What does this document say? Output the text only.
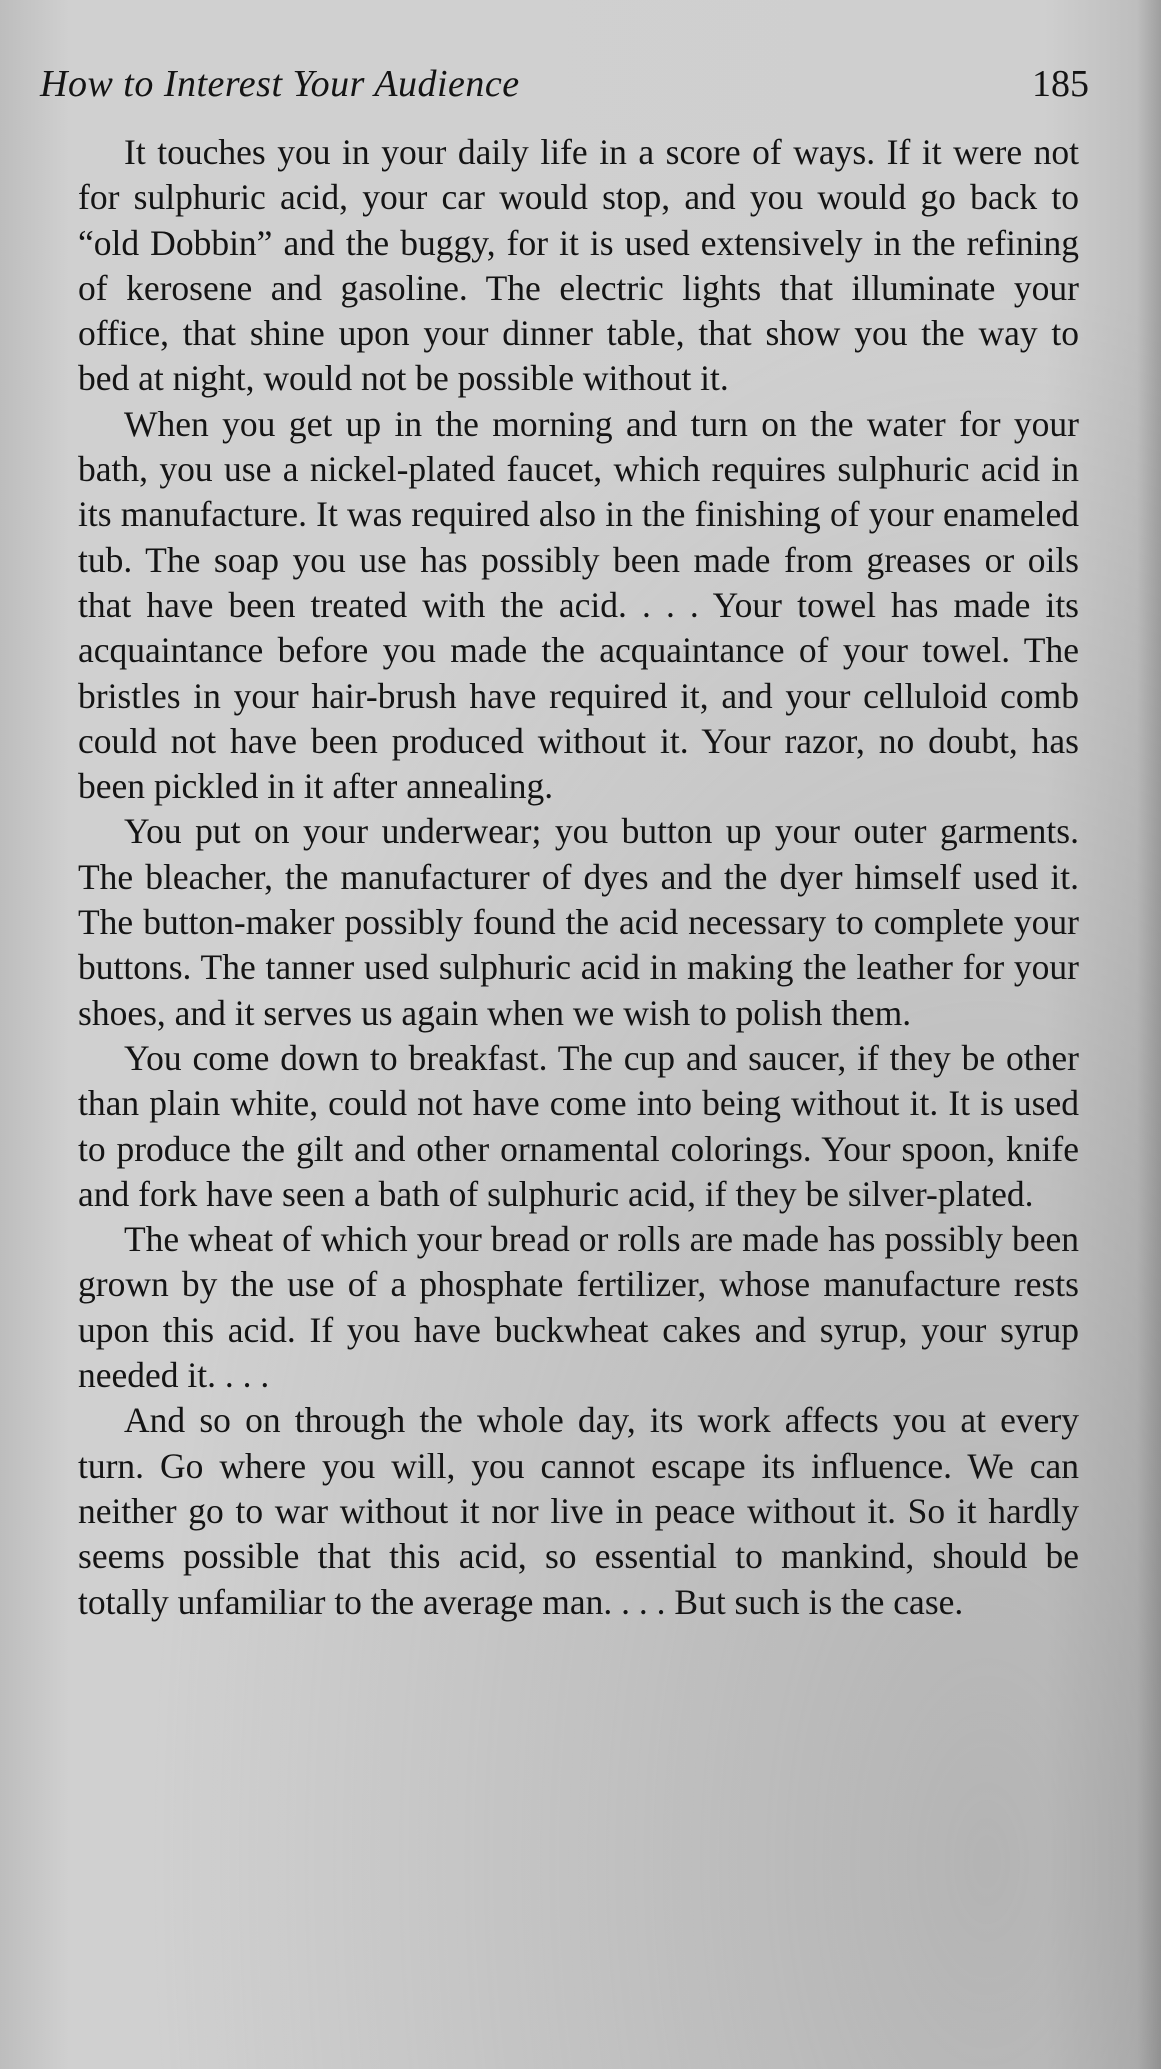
How to Interest Your Audience	185

It touches you in your daily life in a score of ways. If it were not for sulphuric acid, your car would stop, and you would go back to “old Dobbin” and the buggy, for it is used extensively in the refining of kerosene and gasoline. The electric lights that illuminate your office, that shine upon your dinner table, that show you the way to bed at night, would not be possible without it.

When you get up in the morning and turn on the water for your bath, you use a nickel-plated faucet, which requires sulphuric acid in its manufacture. It was required also in the finishing of your enameled tub. The soap you use has possibly been made from greases or oils that have been treated with the acid. . . . Your towel has made its acquaintance before you made the acquaintance of your towel. The bristles in your hair-brush have required it, and your celluloid comb could not have been produced without it. Your razor, no doubt, has been pickled in it after annealing.

You put on your underwear; you button up your outer garments. The bleacher, the manufacturer of dyes and the dyer himself used it. The button-maker possibly found the acid necessary to complete your buttons. The tanner used sulphuric acid in making the leather for your shoes, and it serves us again when we wish to polish them.

You come down to breakfast. The cup and saucer, if they be other than plain white, could not have come into being without it. It is used to produce the gilt and other ornamental colorings. Your spoon, knife and fork have seen a bath of sulphuric acid, if they be silver-plated.

The wheat of which your bread or rolls are made has possibly been grown by the use of a phosphate fertilizer, whose manufacture rests upon this acid. If you have buckwheat cakes and syrup, your syrup needed it. . . .

And so on through the whole day, its work affects you at every turn. Go where you will, you cannot escape its influence. We can neither go to war without it nor live in peace without it. So it hardly seems possible that this acid, so essential to mankind, should be totally unfamiliar to the average man. . . . But such is the case.
